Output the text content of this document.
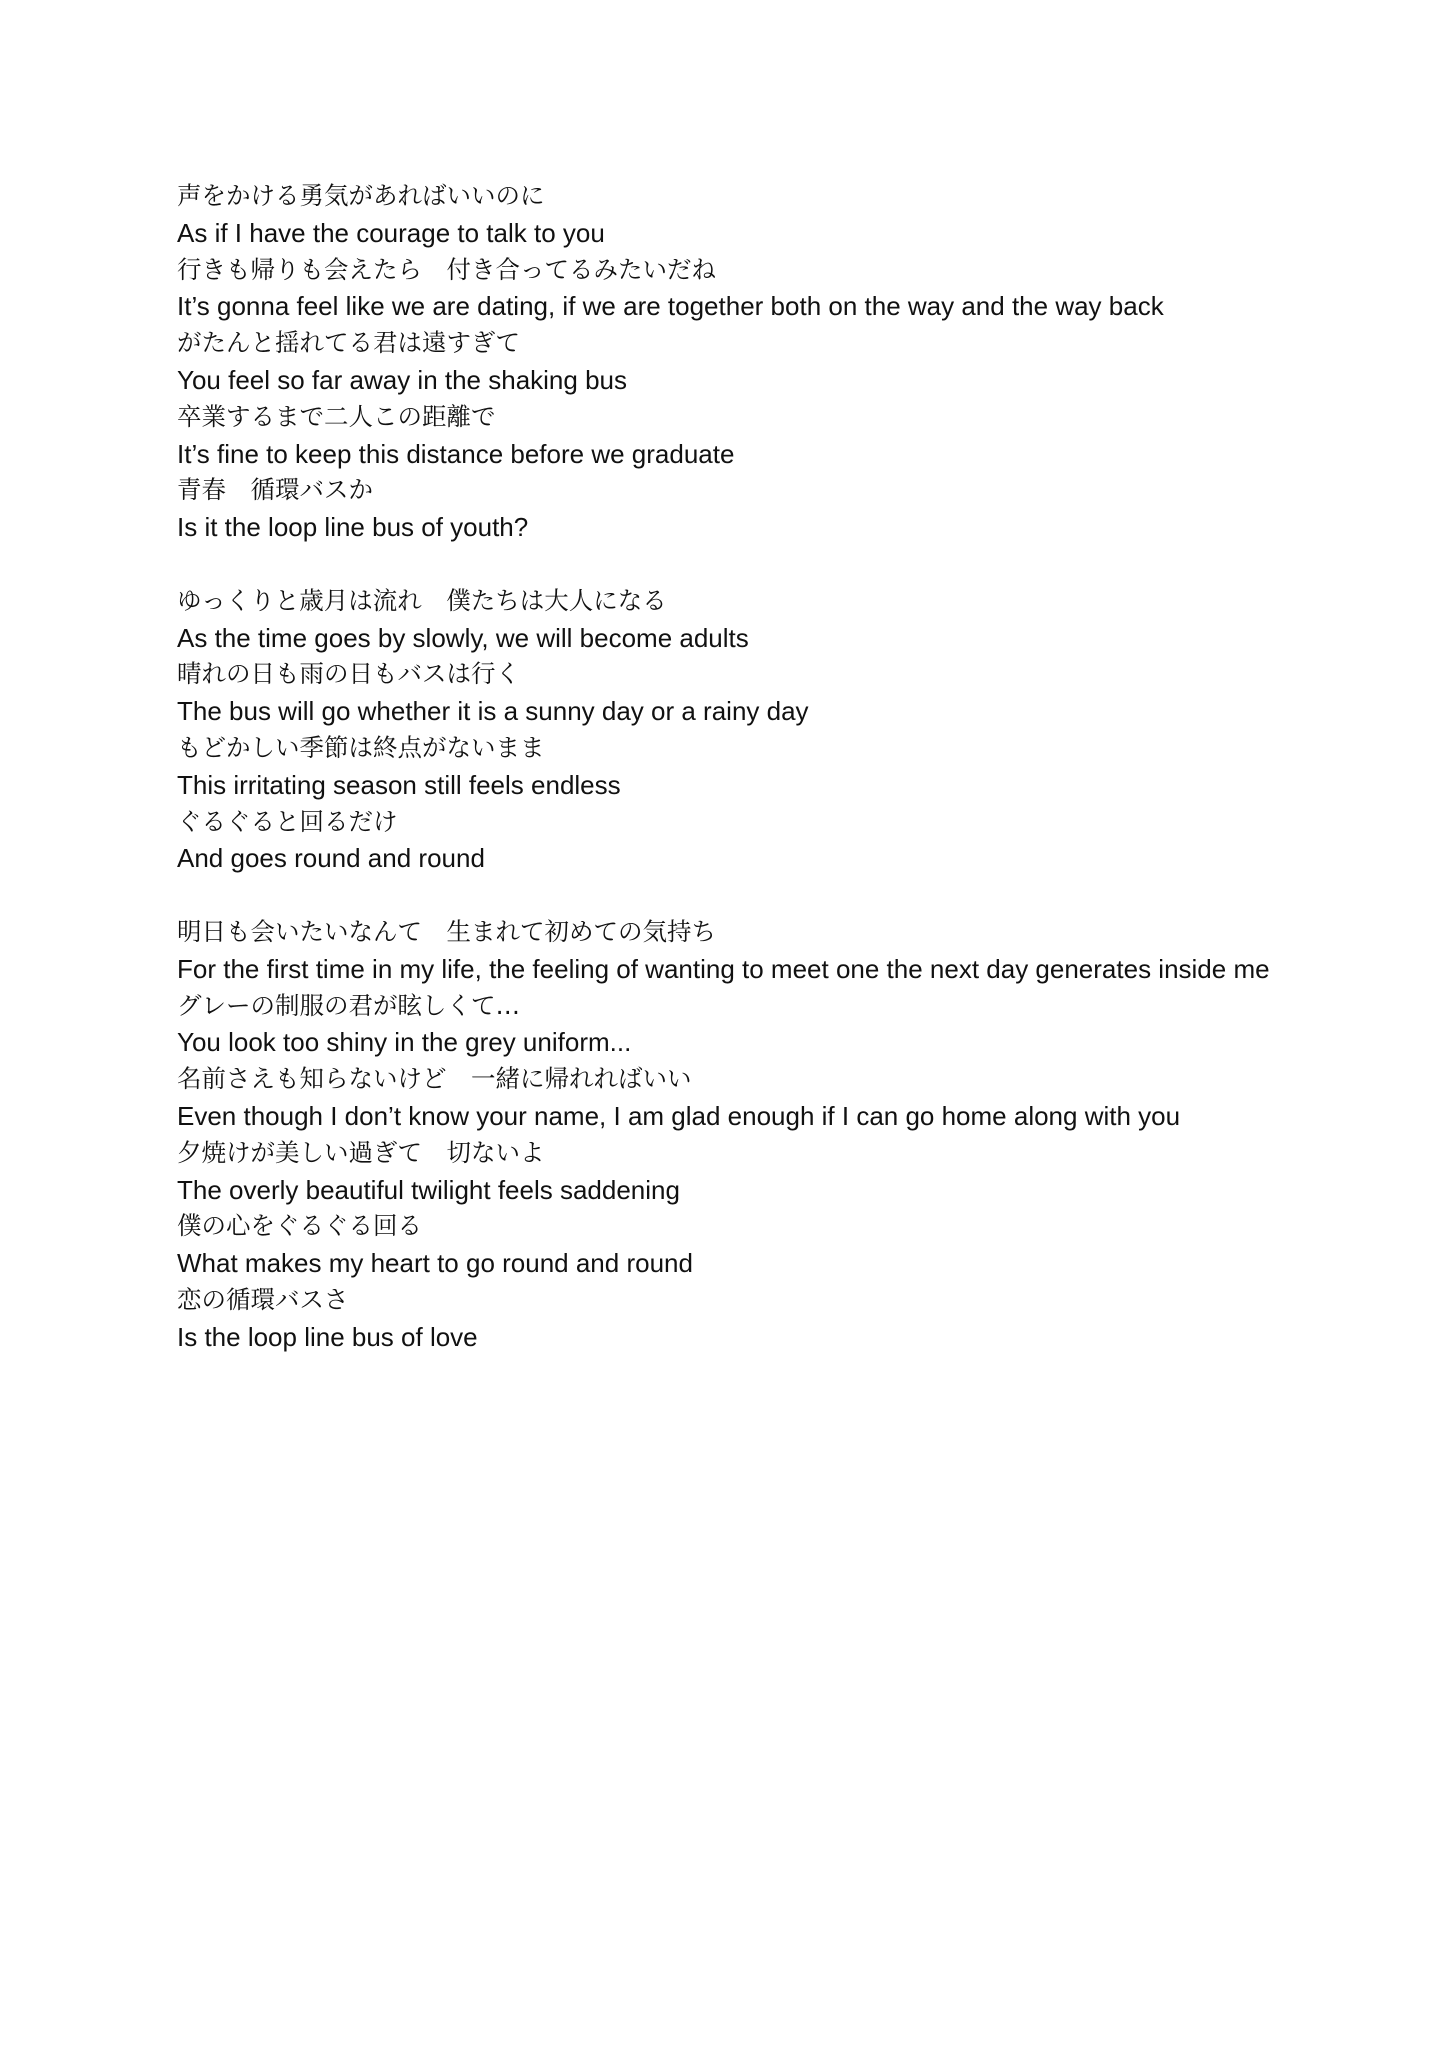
声をかける勇気があればいいのに
As if I have the courage to talk to you
行きも帰りも会えたら　付き合ってるみたいだね
It’s gonna feel like we are dating, if we are together both on the way and the way back
がたんと揺れてる君は遠すぎて
You feel so far away in the shaking bus
卒業するまで二人この距離で
It’s fine to keep this distance before we graduate
青春　循環バスか
Is it the loop line bus of youth?
ゆっくりと歳月は流れ　僕たちは大人になる
As the time goes by slowly, we will become adults
晴れの日も雨の日もバスは行く
The bus will go whether it is a sunny day or a rainy day
もどかしい季節は終点がないまま
This irritating season still feels endless
ぐるぐると回るだけ
And goes round and round
明日も会いたいなんて　生まれて初めての気持ち
For the first time in my life, the feeling of wanting to meet one the next day generates inside me
グレーの制服の君が眩しくて…
You look too shiny in the grey uniform...
名前さえも知らないけど　一緒に帰れればいい
Even though I don’t know your name, I am glad enough if I can go home along with you
夕焼けが美しい過ぎて　切ないよ
The overly beautiful twilight feels saddening
僕の心をぐるぐる回る
What makes my heart to go round and round
恋の循環バスさ
Is the loop line bus of love
